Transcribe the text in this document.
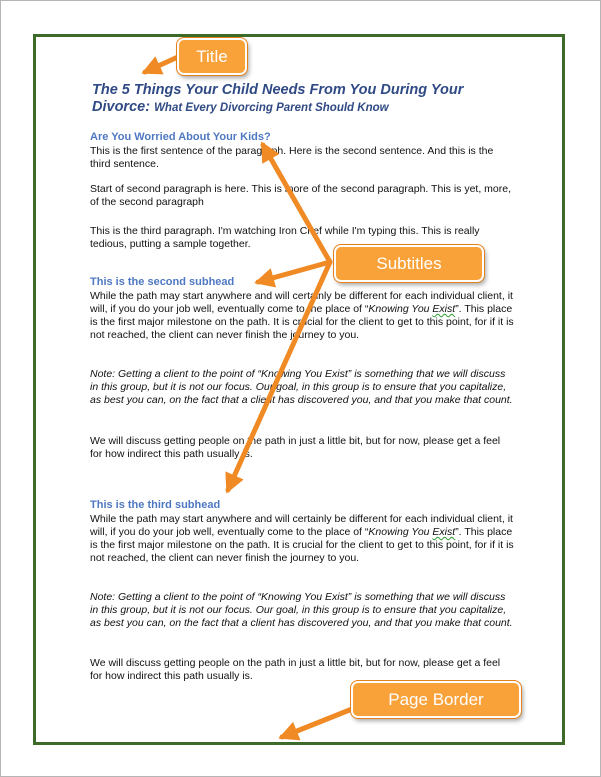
The 5 Things Your Child Needs From You During Your Divorce: What Every Divorcing Parent Should Know
Are You Worried About Your Kids?

This is the first sentence of the paragraph. Here is the second sentence. And this is the third sentence.

Start of second paragraph is here. This is more of the second paragraph. This is yet, more, of the second paragraph

This is the third paragraph. I'm watching Iron Chef while I'm typing this. This is really tedious, putting a sample together.

This is the second subhead

While the path may start anywhere and will certainly be different for each individual client, it will, if you do your job well, eventually come to the place of “Knowing You Exist”. This place is the first major milestone on the path. It is crucial for the client to get to this point, for if it is not reached, the client can never finish the journey to you.

Note: Getting a client to the point of “Knowing You Exist” is something that we will discuss in this group, but it is not our focus. Our goal, in this group is to ensure that you capitalize, as best you can, on the fact that a client has discovered you, and that you make that count.

We will discuss getting people on the path in just a little bit, but for now, please get a feel for how indirect this path usually is.

This is the third subhead

While the path may start anywhere and will certainly be different for each individual client, it will, if you do your job well, eventually come to the place of “Knowing You Exist”. This place is the first major milestone on the path. It is crucial for the client to get to this point, for if it is not reached, the client can never finish the journey to you.

Note: Getting a client to the point of “Knowing You Exist” is something that we will discuss in this group, but it is not our focus. Our goal, in this group is to ensure that you capitalize, as best you can, on the fact that a client has discovered you, and that you make that count.

We will discuss getting people on the path in just a little bit, but for now, please get a feel for how indirect this path usually is.

Title
Subtitles
Page Border
